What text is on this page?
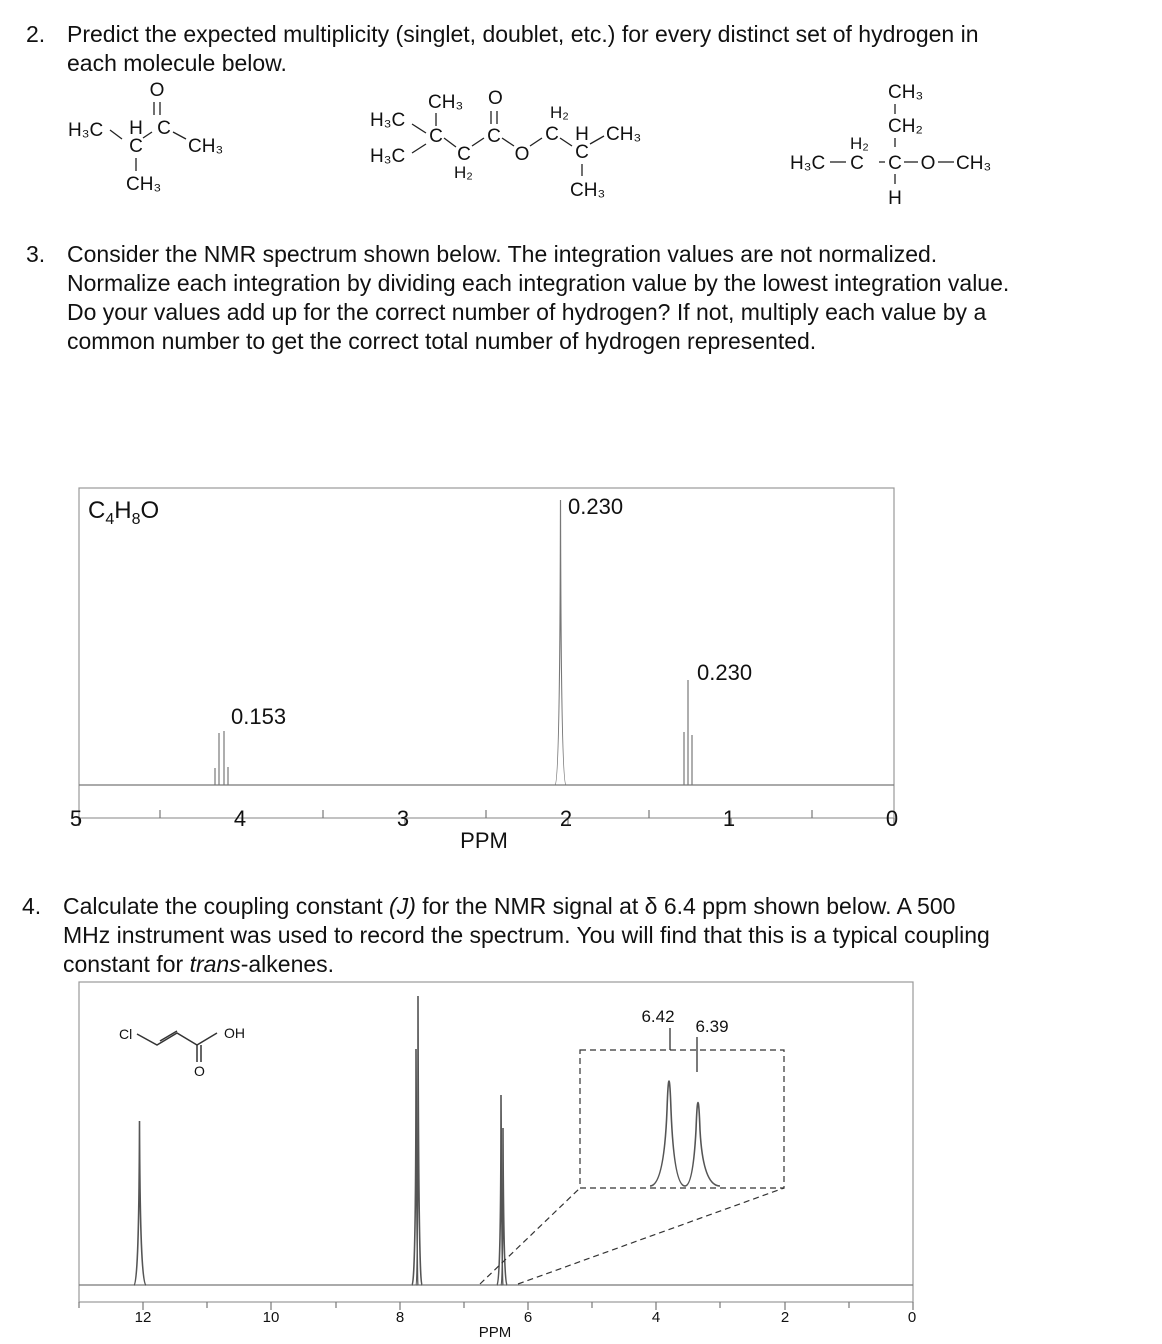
2. Predict the expected multiplicity (singlet, doublet, etc.) for every distinct set of hydrogen in
each molecule below.
O
H₃C H
C
C
CH₃
CH₃
CH₃ O
H₃C
C
H₃C	C
H₂
C
O
H₂
C H
C
CH₃
CH₃
CH₃
CH₂
H₂
H₃C C C O CH₃
H
3. Consider the NMR spectrum shown below. The integration values are not normalized.
Normalize each integration by dividing each integration value by the lowest integration value.
Do your values add up for the correct number of hydrogen? If not, multiply each value by a
common number to get the correct total number of hydrogen represented.
5	4	3	2	1	0
PPM
$C_4H_8O$
0.153
0.230
0.230
4. Calculate the coupling constant (J) for the NMR signal at δ 6.4 ppm shown below. A 500
MHz instrument was used to record the spectrum. You will find that this is a typical coupling
constant for trans-alkenes.
12	10	8	6	4	2	0
PPM
Cl	OH
O
6.42
6.39
